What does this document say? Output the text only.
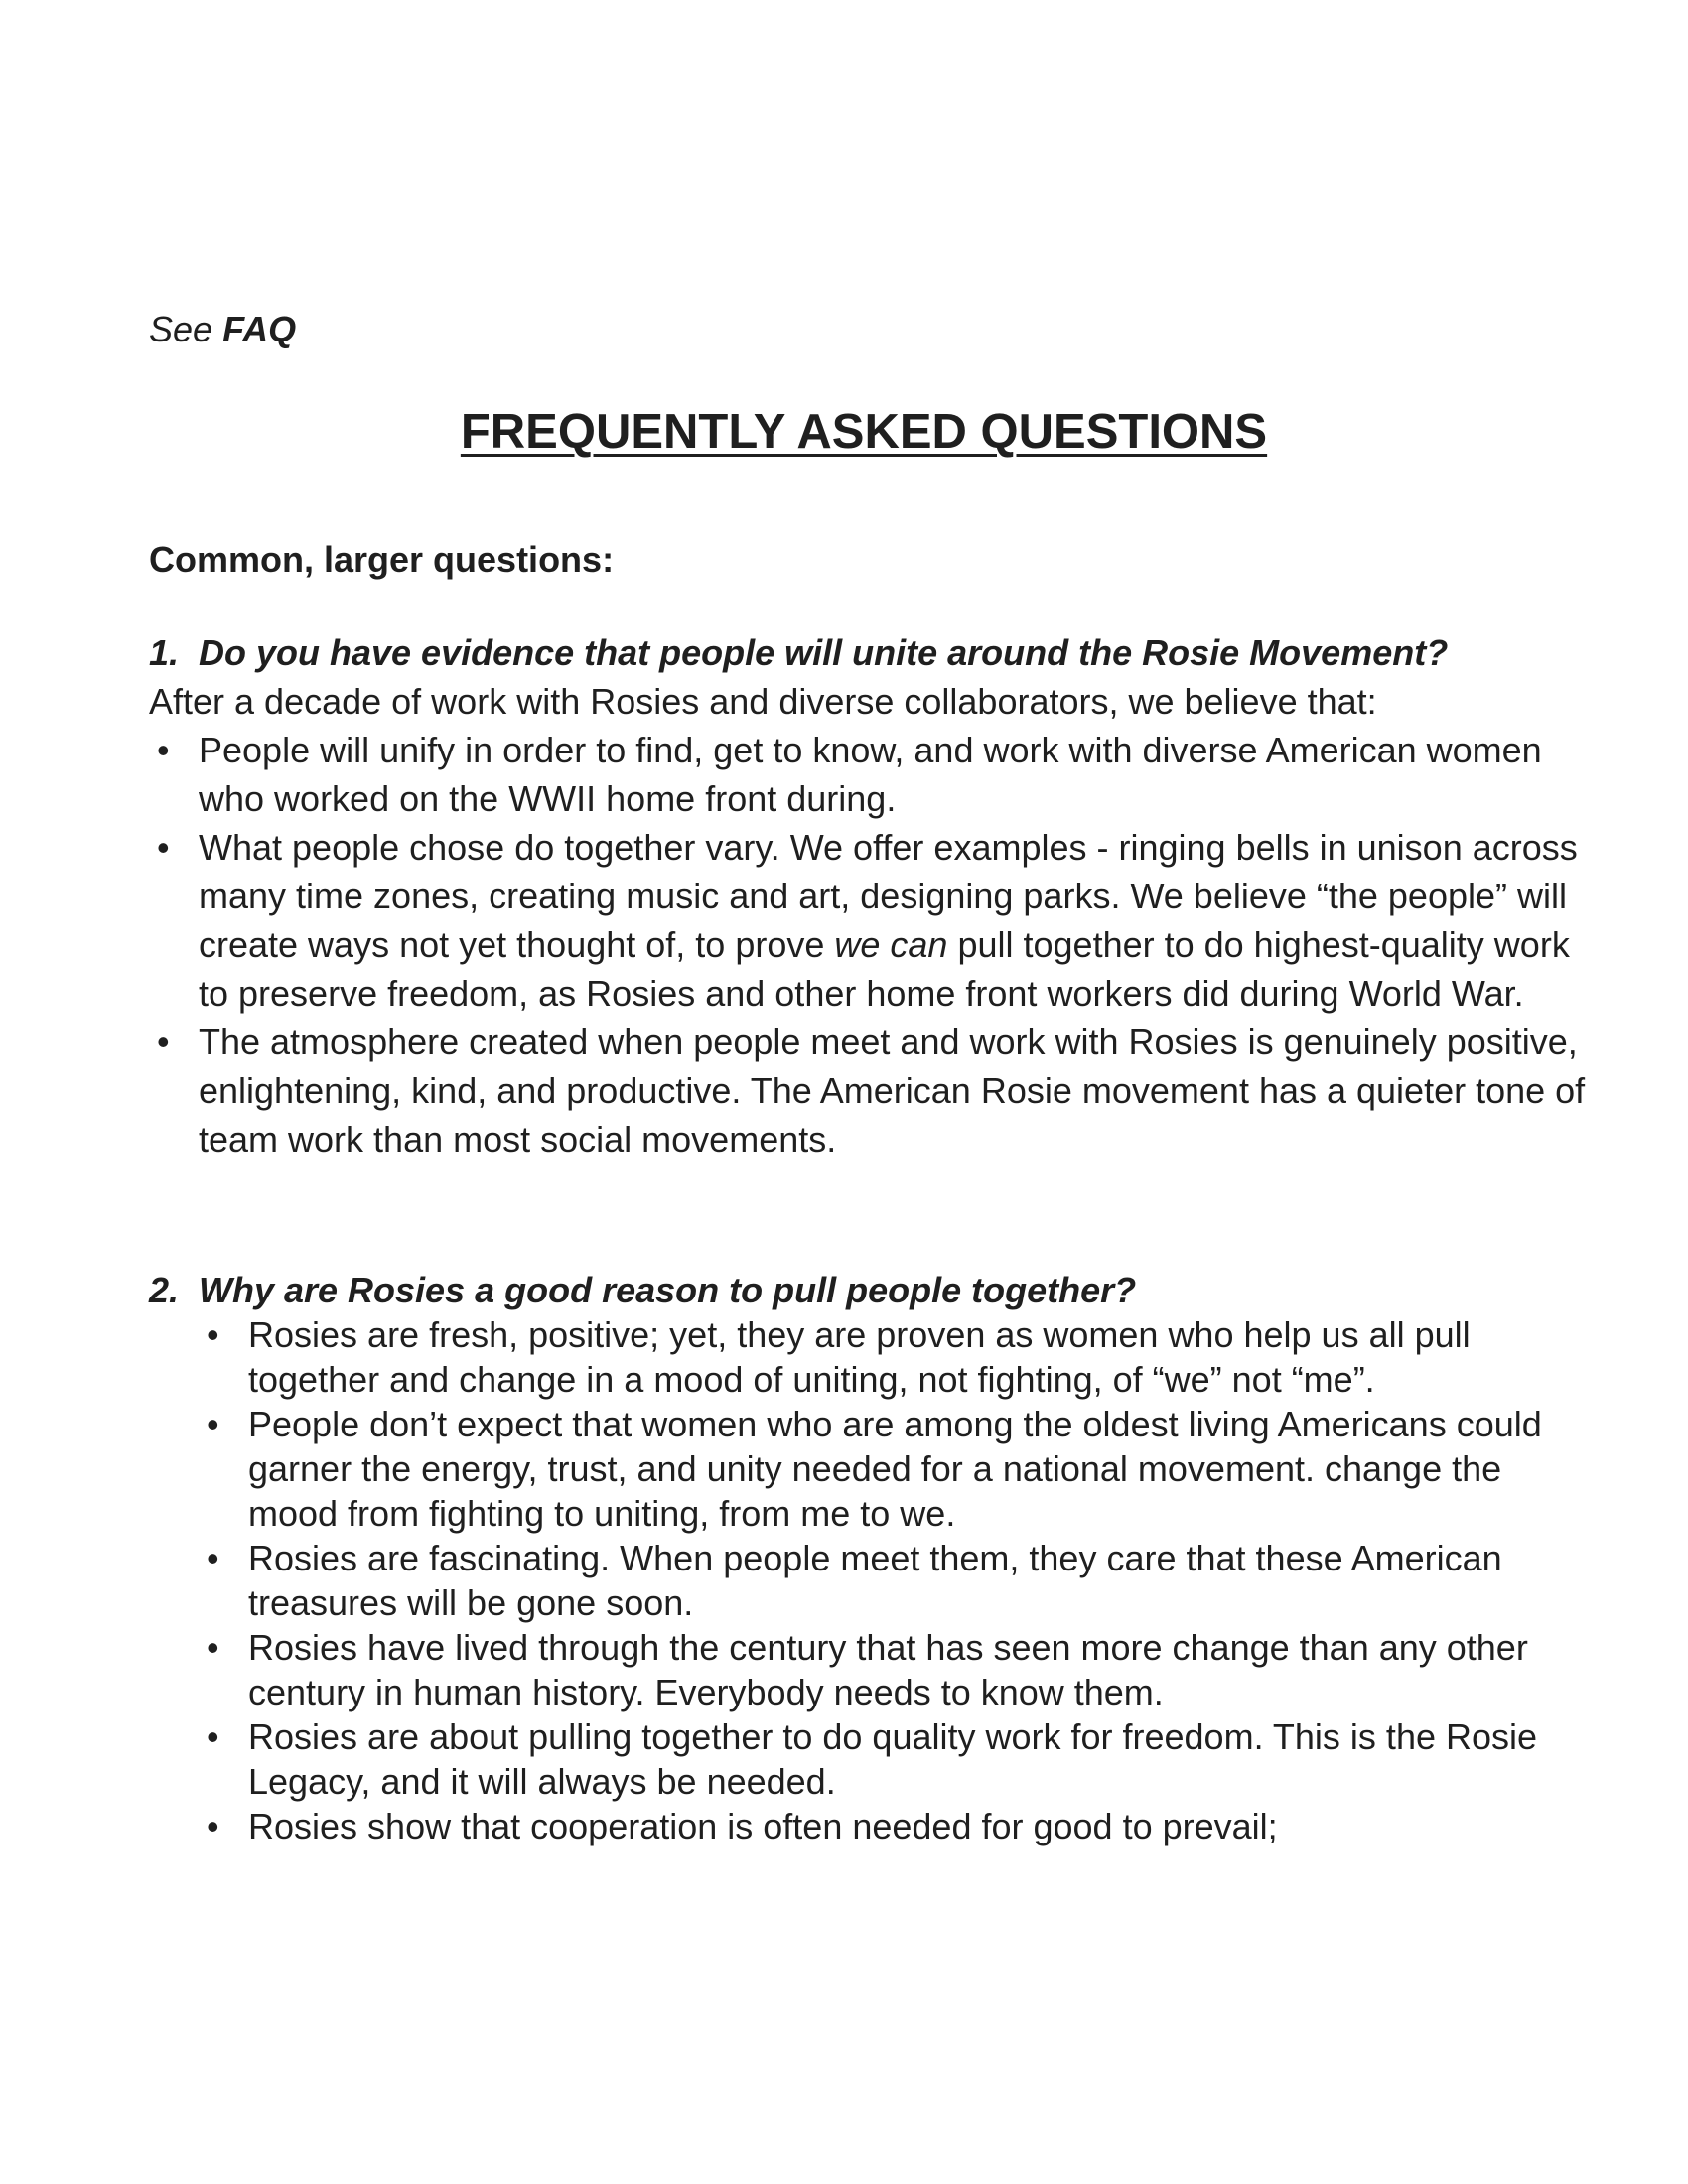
See FAQ
FREQUENTLY ASKED QUESTIONS
Common, larger questions:
1. Do you have evidence that people will unite around the Rosie Movement?
After a decade of work with Rosies and diverse collaborators, we believe that:
• People will unify in order to find, get to know, and work with diverse American women who worked on the WWII home front during.
• What people chose do together vary. We offer examples - ringing bells in unison across many time zones, creating music and art, designing parks. We believe “the people” will create ways not yet thought of, to prove we can pull together to do highest-quality work to preserve freedom, as Rosies and other home front workers did during World War.
• The atmosphere created when people meet and work with Rosies is genuinely positive, enlightening, kind, and productive. The American Rosie movement has a quieter tone of team work than most social movements.
2. Why are Rosies a good reason to pull people together?
• Rosies are fresh, positive; yet, they are proven as women who help us all pull together and change in a mood of uniting, not fighting, of “we” not “me”.
• People don’t expect that women who are among the oldest living Americans could garner the energy, trust, and unity needed for a national movement. change the mood from fighting to uniting, from me to we.
• Rosies are fascinating. When people meet them, they care that these American treasures will be gone soon.
• Rosies have lived through the century that has seen more change than any other century in human history. Everybody needs to know them.
• Rosies are about pulling together to do quality work for freedom. This is the Rosie Legacy, and it will always be needed.
• Rosies show that cooperation is often needed for good to prevail;
